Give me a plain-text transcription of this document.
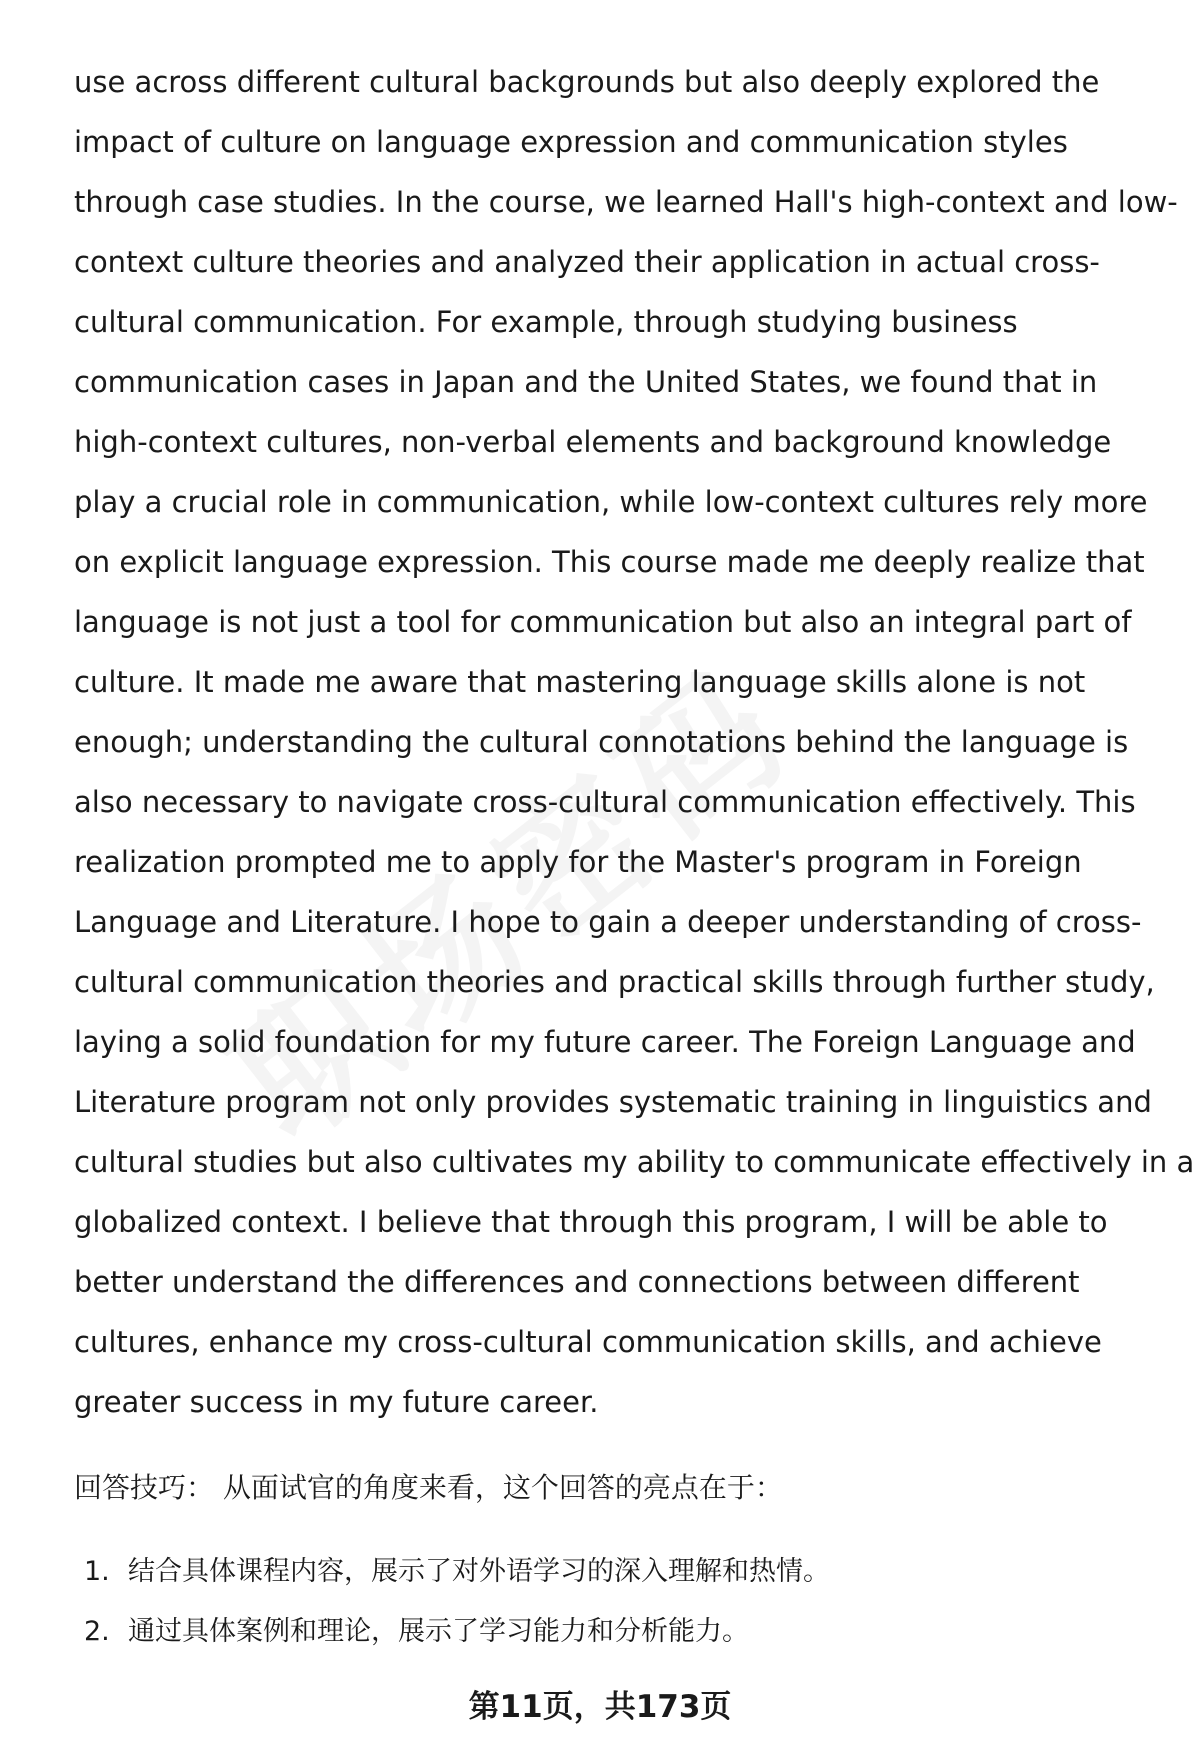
use across different cultural backgrounds but also deeply explored the
impact of culture on language expression and communication styles
through case studies. In the course, we learned Hall's high-context and low-
context culture theories and analyzed their application in actual cross-
cultural communication. For example, through studying business
communication cases in Japan and the United States, we found that in
high-context cultures, non-verbal elements and background knowledge
play a crucial role in communication, while low-context cultures rely more
on explicit language expression. This course made me deeply realize that
language is not just a tool for communication but also an integral part of
culture. It made me aware that mastering language skills alone is not
enough; understanding the cultural connotations behind the language is
also necessary to navigate cross-cultural communication effectively. This
realization prompted me to apply for the Master's program in Foreign
Language and Literature. I hope to gain a deeper understanding of cross-
cultural communication theories and practical skills through further study,
laying a solid foundation for my future career. The Foreign Language and
Literature program not only provides systematic training in linguistics and
cultural studies but also cultivates my ability to communicate effectively in a
globalized context. I believe that through this program, I will be able to
better understand the differences and connections between different
cultures, enhance my cross-cultural communication skills, and achieve
greater success in my future career.
回答技巧： 从面试官的角度来看，这个回答的亮点在于：
1. 结合具体课程内容，展示了对外语学习的深入理解和热情。
2. 通过具体案例和理论，展示了学习能力和分析能力。
第11页，共173页
